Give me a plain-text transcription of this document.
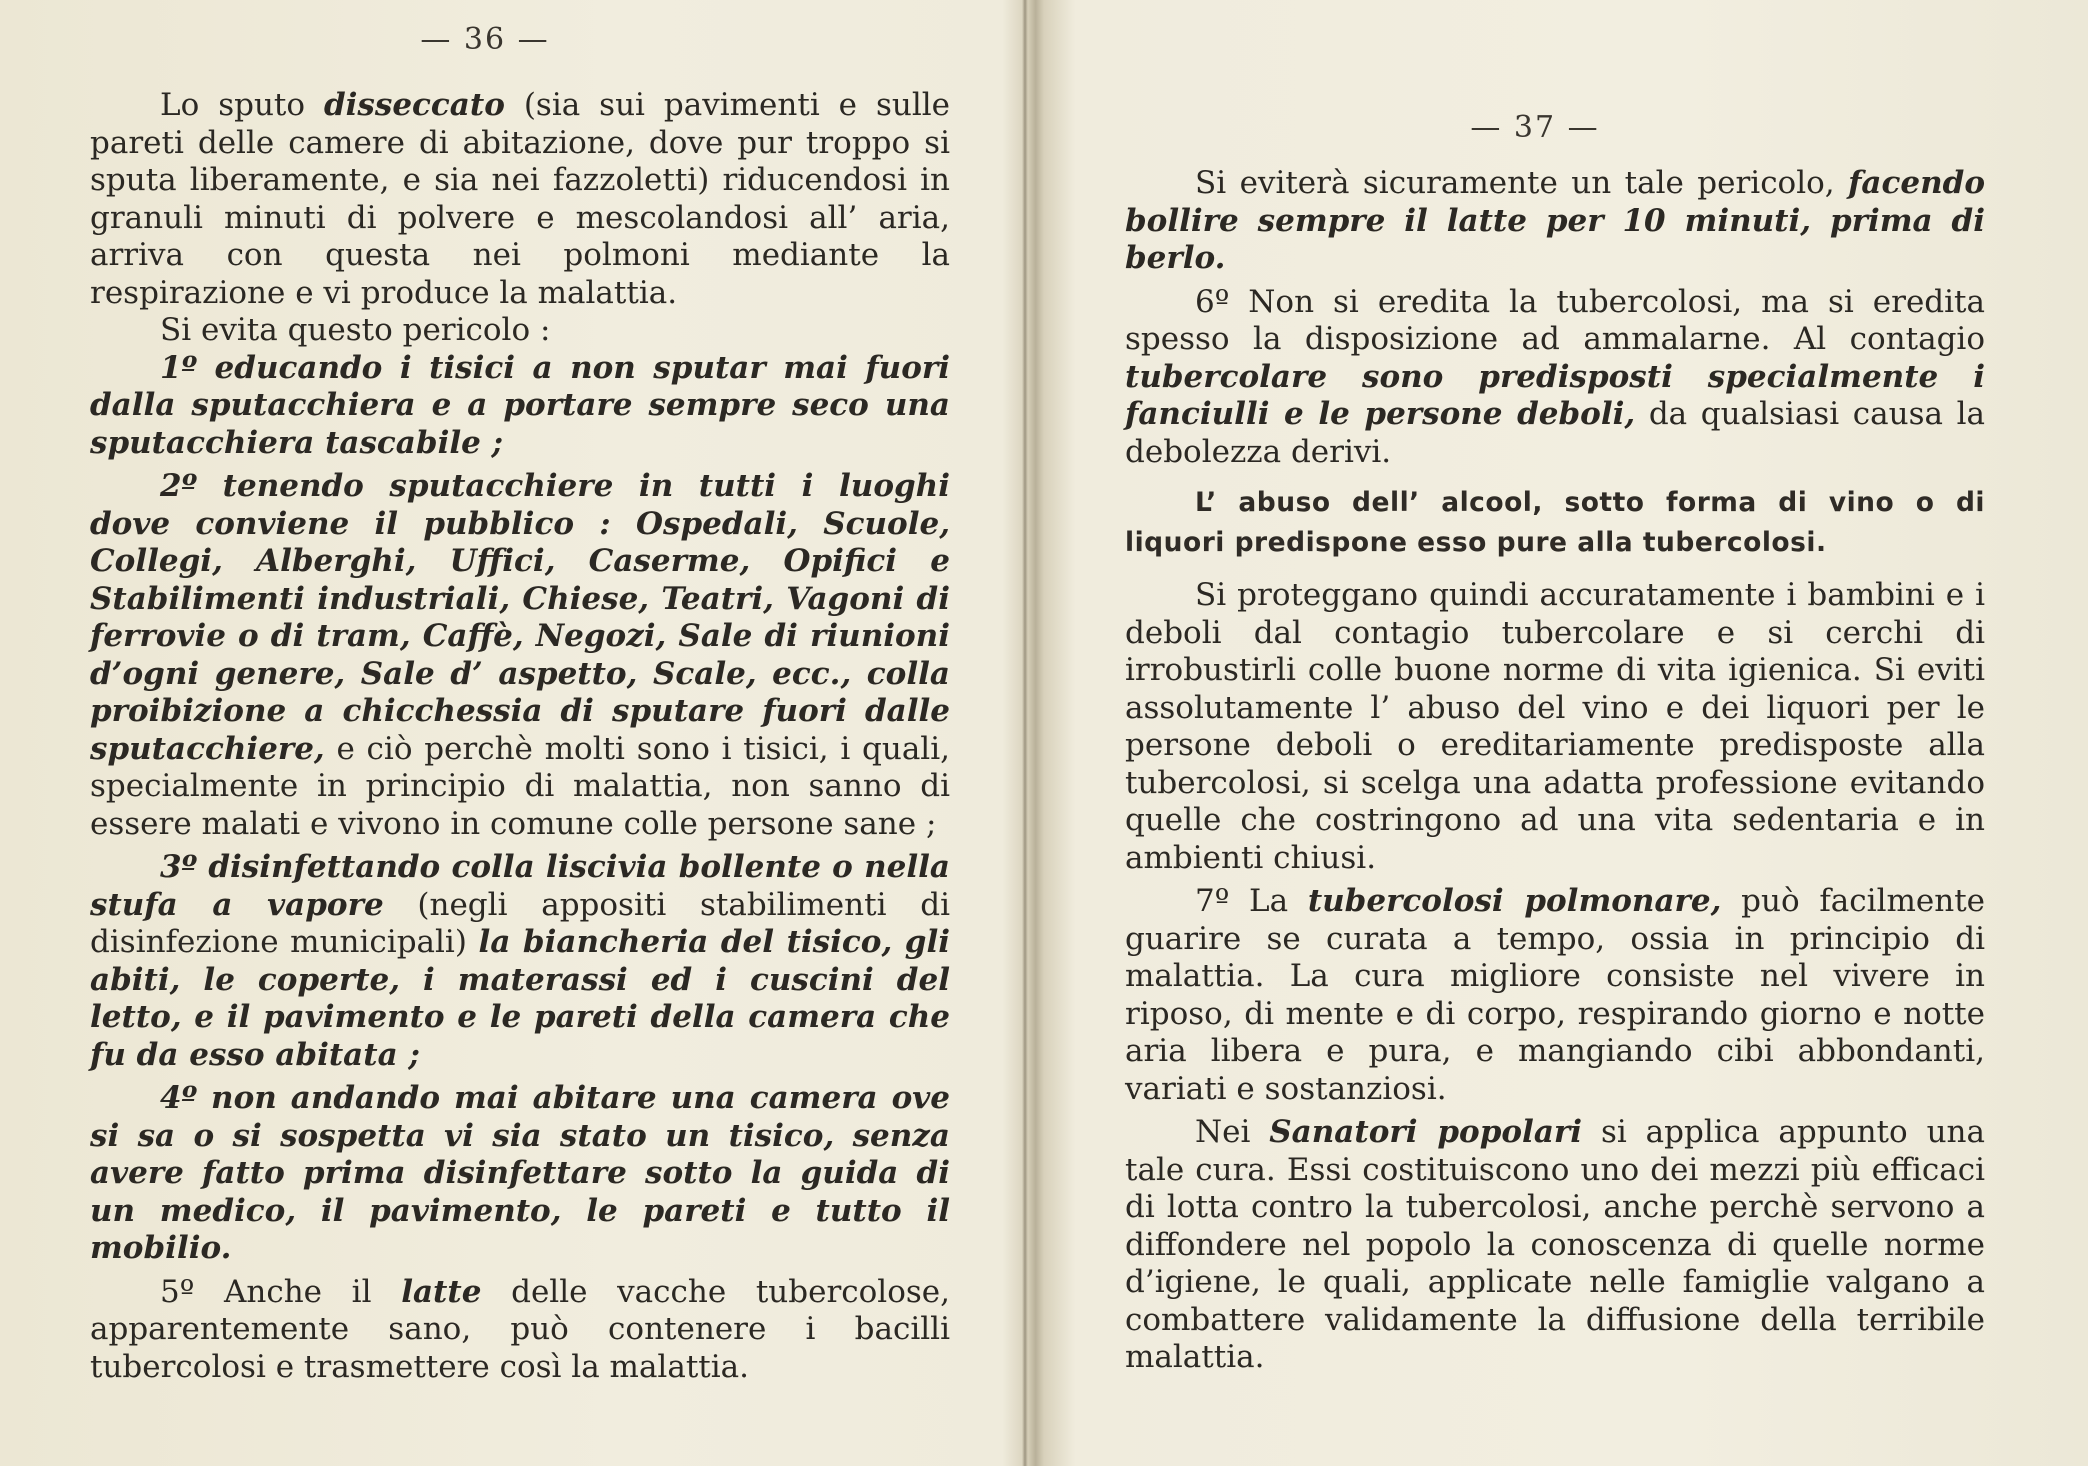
— 36 —

Lo sputo disseccato (sia sui pavimenti e sulle pareti delle camere di abitazione, dove pur troppo si sputa liberamente, e sia nei fazzoletti) riducendosi in granuli minuti di polvere e mescolandosi all’ aria, arriva con questa nei polmoni mediante la respirazione e vi produce la malattia.

Si evita questo pericolo :

1º educando i tisici a non sputar mai fuori dalla sputacchiera e a portare sempre seco una sputacchiera tascabile ;

2º tenendo sputacchiere in tutti i luoghi dove conviene il pubblico : Ospedali, Scuole, Collegi, Alberghi, Uffici, Caserme, Opifici e Stabilimenti industriali, Chiese, Teatri, Vagoni di ferrovie o di tram, Caffè, Negozi, Sale di riunioni d’ogni genere, Sale d’ aspetto, Scale, ecc., colla proibizione a chicchessia di sputare fuori dalle sputacchiere, e ciò perchè molti sono i tisici, i quali, specialmente in principio di malattia, non sanno di essere malati e vivono in comune colle persone sane ;

3º disinfettando colla liscivia bollente o nella stufa a vapore (negli appositi stabilimenti di disinfezione municipali) la biancheria del tisico, gli abiti, le coperte, i materassi ed i cuscini del letto, e il pavimento e le pareti della camera che fu da esso abitata ;

4º non andando mai abitare una camera ove si sa o si sospetta vi sia stato un tisico, senza avere fatto prima disinfettare sotto la guida di un medico, il pavimento, le pareti e tutto il mobilio.

5º Anche il latte delle vacche tubercolose, apparentemente sano, può contenere i bacilli tubercolosi e trasmettere così la malattia.

— 37 —

Si eviterà sicuramente un tale pericolo, facendo bollire sempre il latte per 10 minuti, prima di berlo.

6º Non si eredita la tubercolosi, ma si eredita spesso la disposizione ad ammalarne. Al contagio tubercolare sono predisposti specialmente i fanciulli e le persone deboli, da qualsiasi causa la debolezza derivi.

L’ abuso dell’ alcool, sotto forma di vino o di liquori predispone esso pure alla tubercolosi.

Si proteggano quindi accuratamente i bambini e i deboli dal contagio tubercolare e si cerchi di irrobustirli colle buone norme di vita igienica. Si eviti assolutamente l’ abuso del vino e dei liquori per le persone deboli o ereditariamente predisposte alla tubercolosi, si scelga una adatta professione evitando quelle che costringono ad una vita sedentaria e in ambienti chiusi.

7º La tubercolosi polmonare, può facilmente guarire se curata a tempo, ossia in principio di malattia. La cura migliore consiste nel vivere in riposo, di mente e di corpo, respirando giorno e notte aria libera e pura, e mangiando cibi abbondanti, variati e sostanziosi.

Nei Sanatori popolari si applica appunto una tale cura. Essi costituiscono uno dei mezzi più efficaci di lotta contro la tubercolosi, anche perchè servono a diffondere nel popolo la conoscenza di quelle norme d’igiene, le quali, applicate nelle famiglie valgano a combattere validamente la diffusione della terribile malattia.
